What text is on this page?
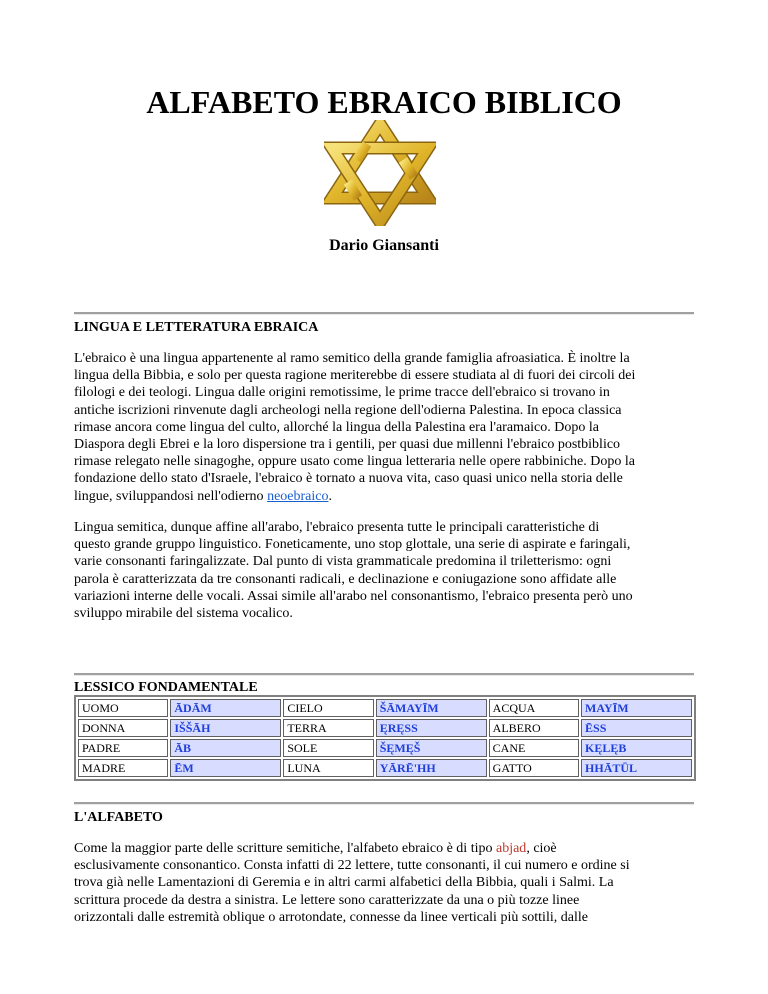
ALFABETO EBRAICO BIBLICO
Dario Giansanti
LINGUA E LETTERATURA EBRAICA

L'ebraico è una lingua appartenente al ramo semitico della grande famiglia afroasiatica. È inoltre la
lingua della Bibbia, e solo per questa ragione meriterebbe di essere studiata al di fuori dei circoli dei
filologi e dei teologi. Lingua dalle origini remotissime, le prime tracce dell'ebraico si trovano in
antiche iscrizioni rinvenute dagli archeologi nella regione dell'odierna Palestina. In epoca classica
rimase ancora come lingua del culto, allorché la lingua della Palestina era l'aramaico. Dopo la
Diaspora degli Ebrei e la loro dispersione tra i gentili, per quasi due millenni l'ebraico postbiblico
rimase relegato nelle sinagoghe, oppure usato come lingua letteraria nelle opere rabbiniche. Dopo la
fondazione dello stato d'Israele, l'ebraico è tornato a nuova vita, caso quasi unico nella storia delle
lingue, sviluppandosi nell'odierno neoebraico.

Lingua semitica, dunque affine all'arabo, l'ebraico presenta tutte le principali caratteristiche di
questo grande gruppo linguistico. Foneticamente, uno stop glottale, una serie di aspirate e faringali,
varie consonanti faringalizzate. Dal punto di vista grammaticale predomina il triletterismo: ogni
parola è caratterizzata da tre consonanti radicali, e declinazione e coniugazione sono affidate alle
variazioni interne delle vocali. Assai simile all'arabo nel consonantismo, l'ebraico presenta però uno
sviluppo mirabile del sistema vocalico.

LESSICO FONDAMENTALE
UOMO	ĀDĀM	CIELO	ŠĀMAYĪM	ACQUA	MAYĪM
DONNA	IŠŠĀH	TERRA	ĘRĘSS	ALBERO	ĒSS
PADRE	ĀB	SOLE	ŠĘMĘŠ	CANE	KĘLĘB
MADRE	ĒM	LUNA	YĀRĒ'HH	GATTO	HHĀTŪL
L'ALFABETO

Come la maggior parte delle scritture semitiche, l'alfabeto ebraico è di tipo abjad, cioè
esclusivamente consonantico. Consta infatti di 22 lettere, tutte consonanti, il cui numero e ordine si
trova già nelle Lamentazioni di Geremia e in altri carmi alfabetici della Bibbia, quali i Salmi. La
scrittura procede da destra a sinistra. Le lettere sono caratterizzate da una o più tozze linee
orizzontali dalle estremità oblique o arrotondate, connesse da linee verticali più sottili, dalle
